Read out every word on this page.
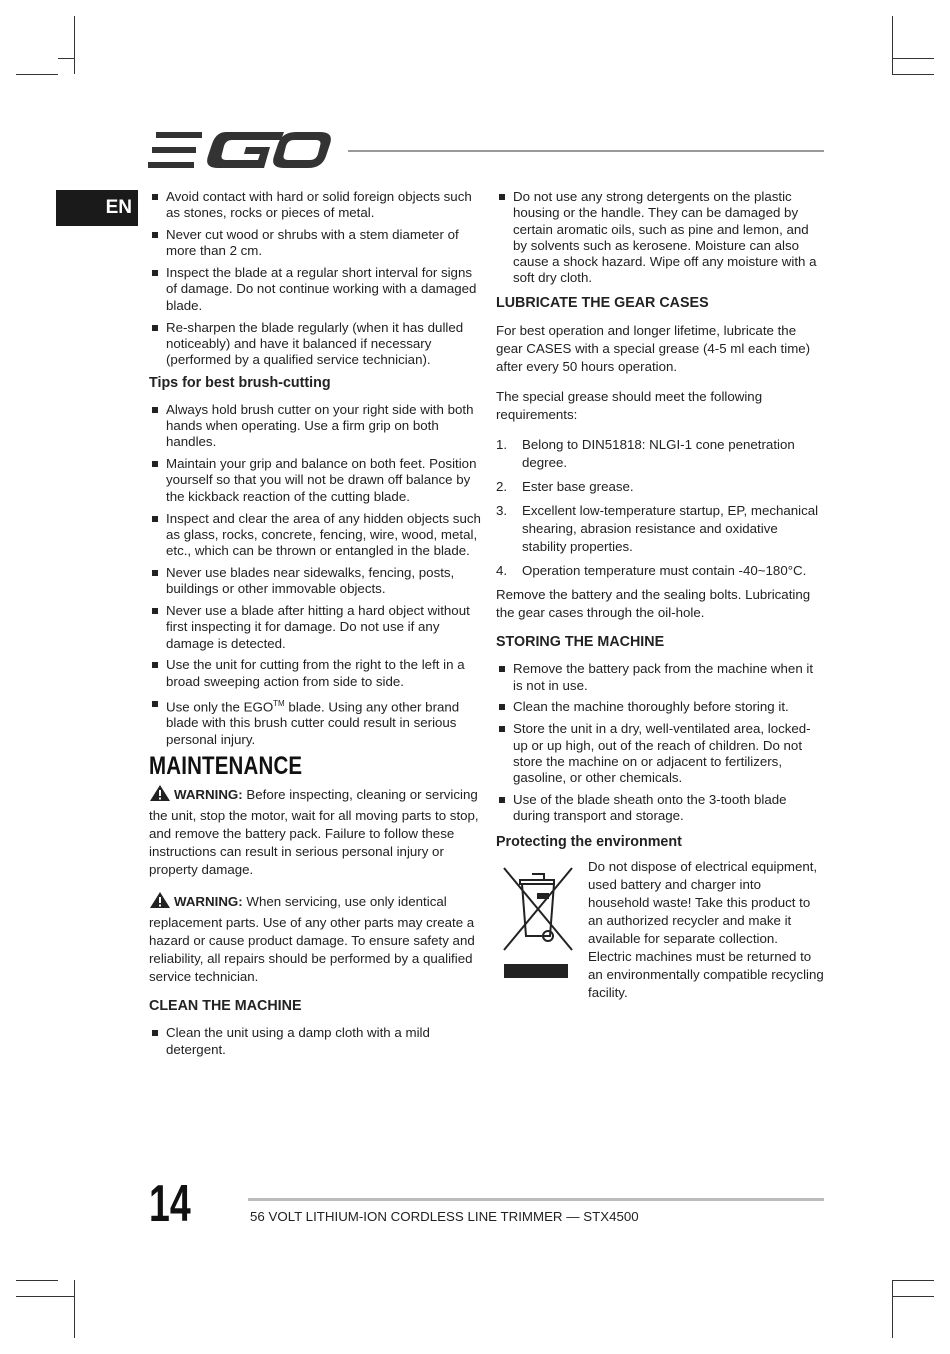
EN
Avoid contact with hard or solid foreign objects such as stones, rocks or pieces of metal.
Never cut wood or shrubs with a stem diameter of more than 2 cm.
Inspect the blade at a regular short interval for signs of damage. Do not continue working with a damaged blade.
Re-sharpen the blade regularly (when it has dulled noticeably) and have it balanced if necessary (performed by a qualified service technician).
Tips for best brush-cutting
Always hold brush cutter on your right side with both hands when operating. Use a firm grip on both handles.
Maintain your grip and balance on both feet. Position yourself so that you will not be drawn off balance by the kickback reaction of the cutting blade.
Inspect and clear the area of any hidden objects such as glass, rocks, concrete, fencing, wire, wood, metal, etc., which can be thrown or entangled in the blade.
Never use blades near sidewalks, fencing, posts, buildings or other immovable objects.
Never use a blade after hitting a hard object without first inspecting it for damage. Do not use if any damage is detected.
Use the unit for cutting from the right to the left in a broad sweeping action from side to side.
Use only the EGO™ blade. Using any other brand blade with this brush cutter could result in serious personal injury.
MAINTENANCE

WARNING: Before inspecting, cleaning or servicing the unit, stop the motor, wait for all moving parts to stop, and remove the battery pack. Failure to follow these instructions can result in serious personal injury or property damage.

WARNING: When servicing, use only identical replacement parts. Use of any other parts may create a hazard or cause product damage. To ensure safety and reliability, all repairs should be performed by a qualified service technician.

CLEAN THE MACHINE
Clean the unit using a damp cloth with a mild detergent.
Do not use any strong detergents on the plastic housing or the handle. They can be damaged by certain aromatic oils, such as pine and lemon, and by solvents such as kerosene. Moisture can also cause a shock hazard. Wipe off any moisture with a soft dry cloth.
LUBRICATE THE GEAR CASES

For best operation and longer lifetime, lubricate the gear CASES with a special grease (4-5 ml each time) after every 50 hours operation.

The special grease should meet the following requirements:

1. Belong to DIN51818: NLGI-1 cone penetration degree.
2. Ester base grease.
3. Excellent low-temperature startup, EP, mechanical shearing, abrasion resistance and oxidative stability properties.
4. Operation temperature must contain -40~180°C.

Remove the battery and the sealing bolts. Lubricating the gear cases through the oil-hole.

STORING THE MACHINE
Remove the battery pack from the machine when it is not in use.
Clean the machine thoroughly before storing it.
Store the unit in a dry, well-ventilated area, locked-up or up high, out of the reach of children. Do not store the machine on or adjacent to fertilizers, gasoline, or other chemicals.
Use of the blade sheath onto the 3-tooth blade during transport and storage.
Protecting the environment
Do not dispose of electrical equipment, used battery and charger into household waste! Take this product to an authorized recycler and make it available for separate collection. Electric machines must be returned to an environmentally compatible recycling facility.
14	56 VOLT LITHIUM-ION CORDLESS LINE TRIMMER — STX4500
